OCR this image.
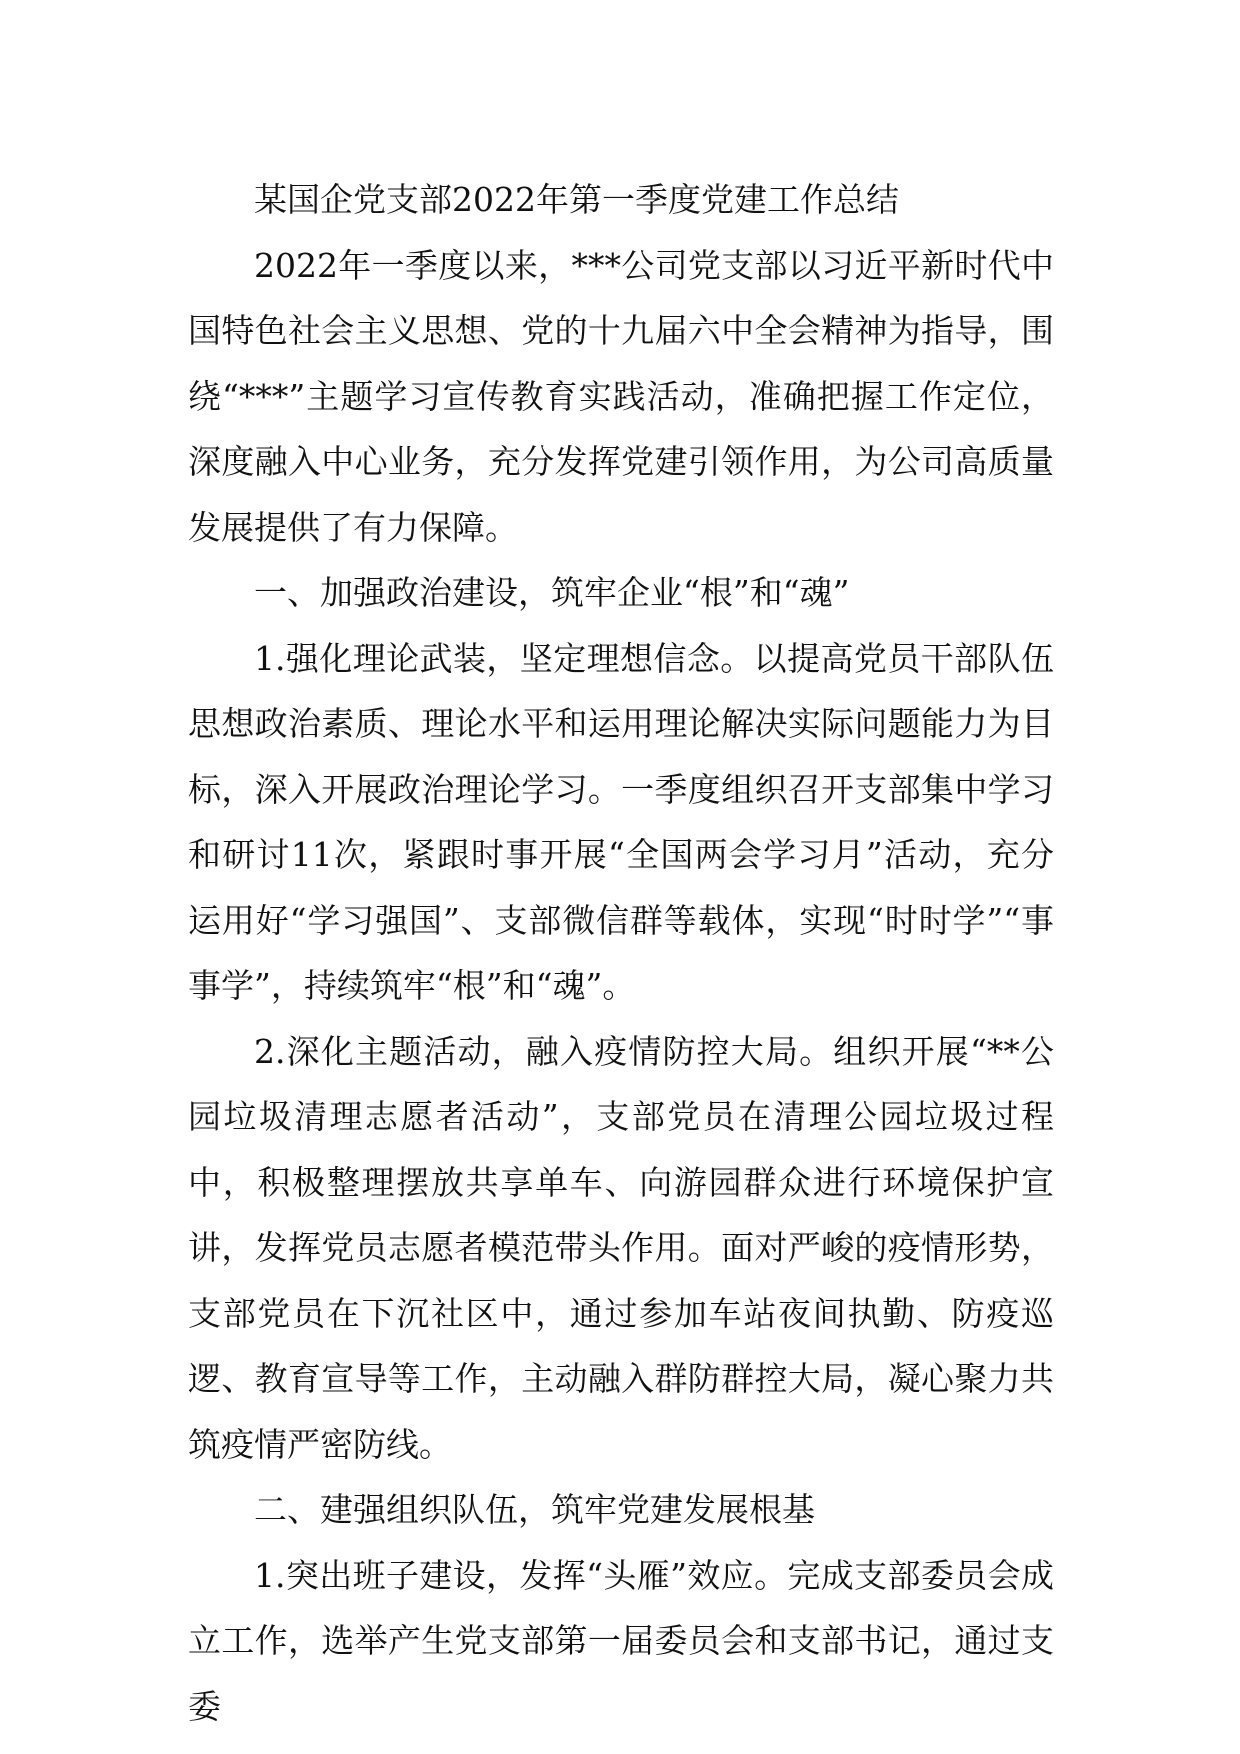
某国企党支部2022年第一季度党建工作总结

2022年一季度以来，***公司党支部以习近平新时代中国特色社会主义思想、党的十九届六中全会精神为指导，围绕“***”主题学习宣传教育实践活动，准确把握工作定位，深度融入中心业务，充分发挥党建引领作用，为公司高质量发展提供了有力保障。

一、加强政治建设，筑牢企业“根”和“魂”

1.强化理论武装，坚定理想信念。以提高党员干部队伍思想政治素质、理论水平和运用理论解决实际问题能力为目标，深入开展政治理论学习。一季度组织召开支部集中学习和研讨11次，紧跟时事开展“全国两会学习月”活动，充分运用好“学习强国”、支部微信群等载体，实现“时时学”“事事学”，持续筑牢“根”和“魂”。

2.深化主题活动，融入疫情防控大局。组织开展“**公园垃圾清理志愿者活动”，支部党员在清理公园垃圾过程中，积极整理摆放共享单车、向游园群众进行环境保护宣讲，发挥党员志愿者模范带头作用。面对严峻的疫情形势，支部党员在下沉社区中，通过参加车站夜间执勤、防疫巡逻、教育宣导等工作，主动融入群防群控大局，凝心聚力共筑疫情严密防线。

二、建强组织队伍，筑牢党建发展根基

1.突出班子建设，发挥“头雁”效应。完成支部委员会成立工作，选举产生党支部第一届委员会和支部书记，通过支委
